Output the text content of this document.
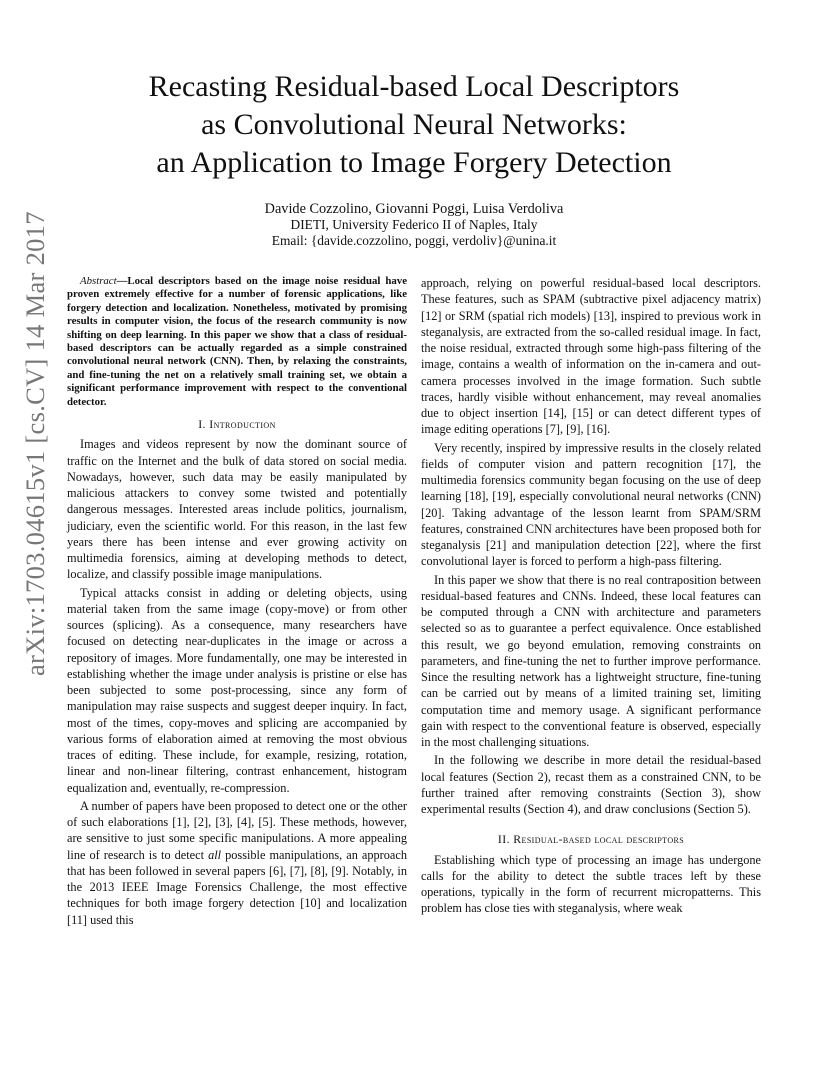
arXiv:1703.04615v1 [cs.CV] 14 Mar 2017
Recasting Residual-based Local Descriptors
as Convolutional Neural Networks:
an Application to Image Forgery Detection
Davide Cozzolino, Giovanni Poggi, Luisa Verdoliva
DIETI, University Federico II of Naples, Italy
Email: {davide.cozzolino, poggi, verdoliv}@unina.it

Abstract—Local descriptors based on the image noise residual have proven extremely effective for a number of forensic applications, like forgery detection and localization. Nonetheless, motivated by promising results in computer vision, the focus of the research community is now shifting on deep learning. In this paper we show that a class of residual-based descriptors can be actually regarded as a simple constrained convolutional neural network (CNN). Then, by relaxing the constraints, and fine-tuning the net on a relatively small training set, we obtain a significant performance improvement with respect to the conventional detector.

I. Introduction

Images and videos represent by now the dominant source of traffic on the Internet and the bulk of data stored on social media. Nowadays, however, such data may be easily manipulated by malicious attackers to convey some twisted and potentially dangerous messages. Interested areas include politics, journalism, judiciary, even the scientific world. For this reason, in the last few years there has been intense and ever growing activity on multimedia forensics, aiming at developing methods to detect, localize, and classify possible image manipulations.

Typical attacks consist in adding or deleting objects, using material taken from the same image (copy-move) or from other sources (splicing). As a consequence, many researchers have focused on detecting near-duplicates in the image or across a repository of images. More fundamentally, one may be interested in establishing whether the image under analysis is pristine or else has been subjected to some post-processing, since any form of manipulation may raise suspects and suggest deeper inquiry. In fact, most of the times, copy-moves and splicing are accompanied by various forms of elaboration aimed at removing the most obvious traces of editing. These include, for example, resizing, rotation, linear and non-linear filtering, contrast enhancement, histogram equalization and, eventually, re-compression.

A number of papers have been proposed to detect one or the other of such elaborations [1], [2], [3], [4], [5]. These methods, however, are sensitive to just some specific manipulations. A more appealing line of research is to detect all possible manipulations, an approach that has been followed in several papers [6], [7], [8], [9]. Notably, in the 2013 IEEE Image Forensics Challenge, the most effective techniques for both image forgery detection [10] and localization [11] used this

approach, relying on powerful residual-based local descriptors. These features, such as SPAM (subtractive pixel adjacency matrix) [12] or SRM (spatial rich models) [13], inspired to previous work in steganalysis, are extracted from the so-called residual image. In fact, the noise residual, extracted through some high-pass filtering of the image, contains a wealth of information on the in-camera and out-camera processes involved in the image formation. Such subtle traces, hardly visible without enhancement, may reveal anomalies due to object insertion [14], [15] or can detect different types of image editing operations [7], [9], [16].

Very recently, inspired by impressive results in the closely related fields of computer vision and pattern recognition [17], the multimedia forensics community began focusing on the use of deep learning [18], [19], especially convolutional neural networks (CNN) [20]. Taking advantage of the lesson learnt from SPAM/SRM features, constrained CNN architectures have been proposed both for steganalysis [21] and manipulation detection [22], where the first convolutional layer is forced to perform a high-pass filtering.

In this paper we show that there is no real contraposition between residual-based features and CNNs. Indeed, these local features can be computed through a CNN with architecture and parameters selected so as to guarantee a perfect equivalence. Once established this result, we go beyond emulation, removing constraints on parameters, and fine-tuning the net to further improve performance. Since the resulting network has a lightweight structure, fine-tuning can be carried out by means of a limited training set, limiting computation time and memory usage. A significant performance gain with respect to the conventional feature is observed, especially in the most challenging situations.

In the following we describe in more detail the residual-based local features (Section 2), recast them as a constrained CNN, to be further trained after removing constraints (Section 3), show experimental results (Section 4), and draw conclusions (Section 5).

II. Residual-based local descriptors

Establishing which type of processing an image has undergone calls for the ability to detect the subtle traces left by these operations, typically in the form of recurrent micropatterns. This problem has close ties with steganalysis, where weak
